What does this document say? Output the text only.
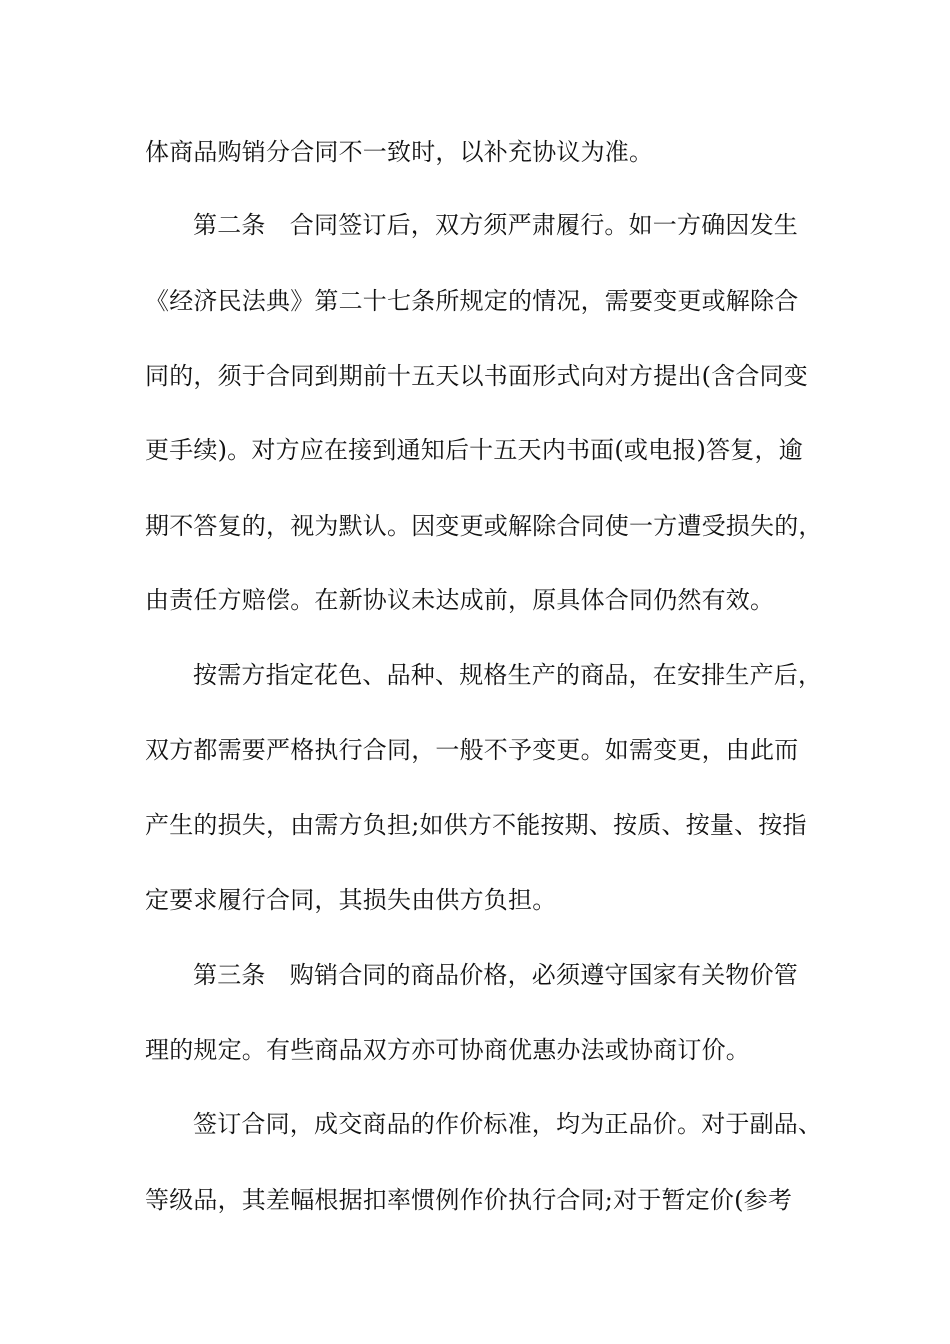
体商品购销分合同不一致时，以补充协议为准。
第二条　合同签订后，双方须严肃履行。如一方确因发生
《经济民法典》第二十七条所规定的情况，需要变更或解除合
同的，须于合同到期前十五天以书面形式向对方提出(含合同变
更手续)。对方应在接到通知后十五天内书面(或电报)答复，逾
期不答复的，视为默认。因变更或解除合同使一方遭受损失的，
由责任方赔偿。在新协议未达成前，原具体合同仍然有效。
按需方指定花色、品种、规格生产的商品，在安排生产后，
双方都需要严格执行合同，一般不予变更。如需变更，由此而
产生的损失，由需方负担;如供方不能按期、按质、按量、按指
定要求履行合同，其损失由供方负担。
第三条　购销合同的商品价格，必须遵守国家有关物价管
理的规定。有些商品双方亦可协商优惠办法或协商订价。
签订合同，成交商品的作价标准，均为正品价。对于副品、
等级品，其差幅根据扣率惯例作价执行合同;对于暂定价(参考
